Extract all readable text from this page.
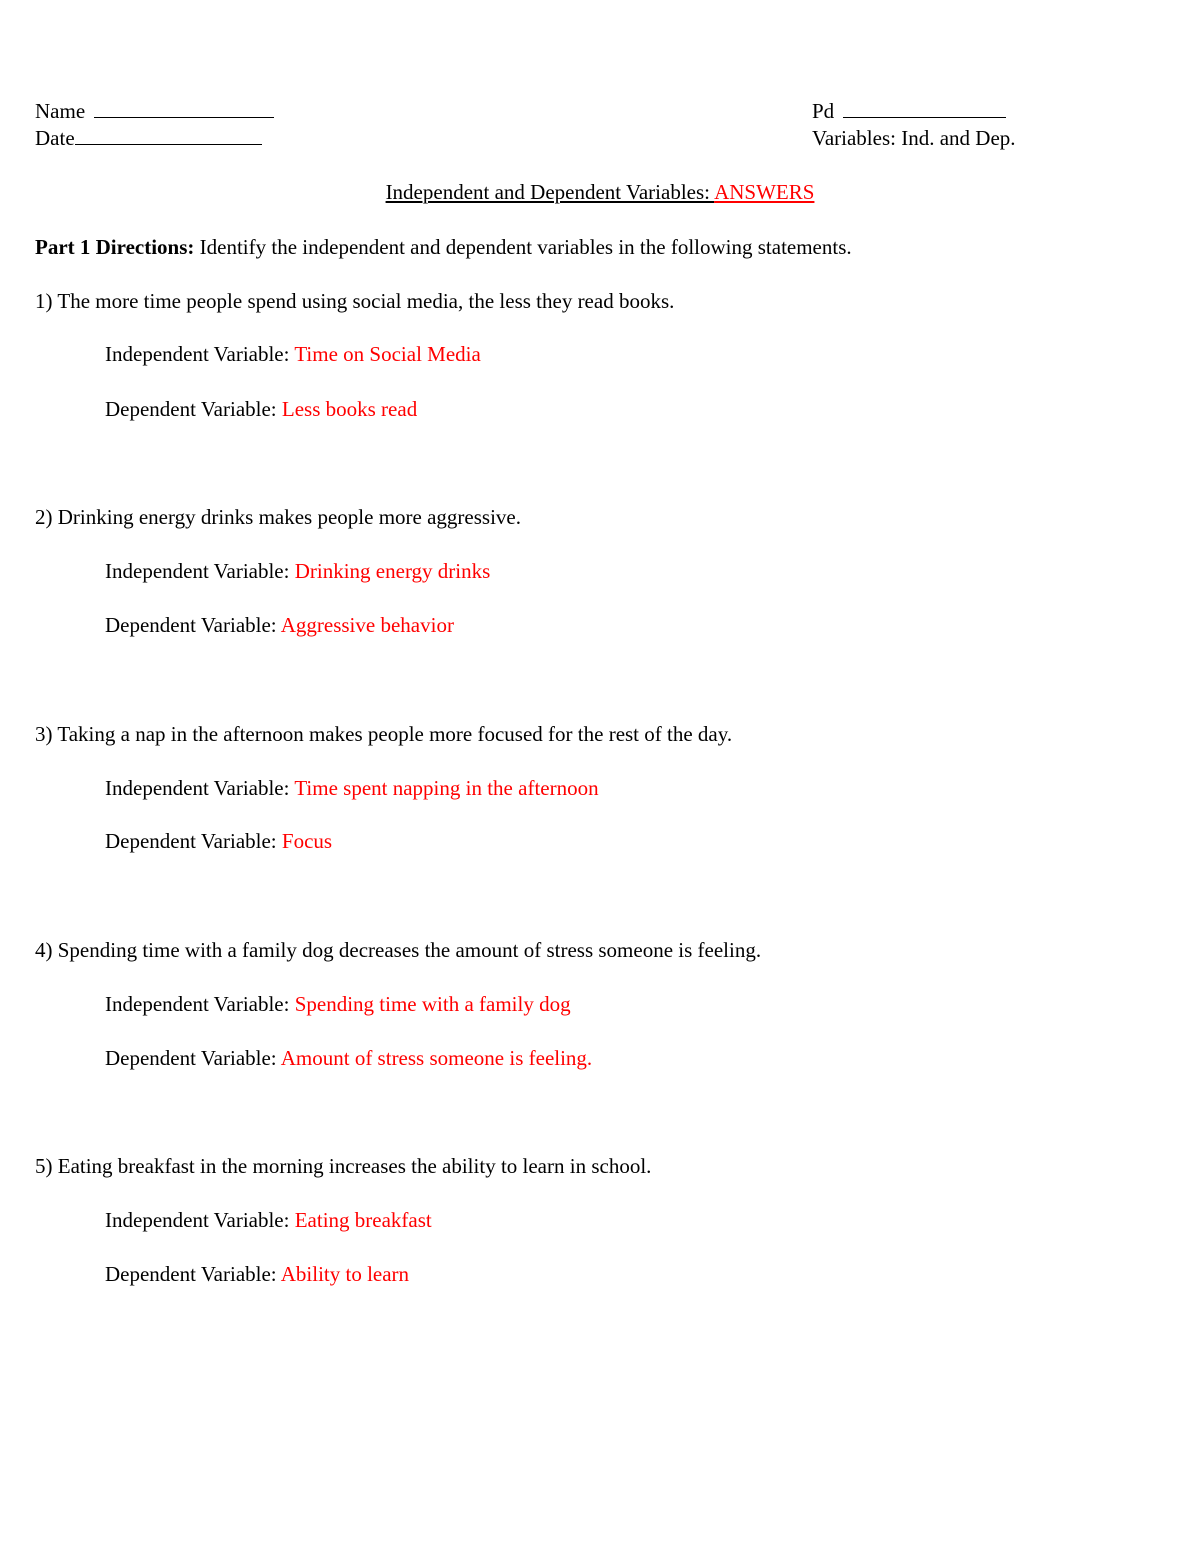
Name
Date
Pd
Variables: Ind. and Dep.
Independent and Dependent Variables: ANSWERS
Part 1 Directions: Identify the independent and dependent variables in the following statements.
1) The more time people spend using social media, the less they read books.
Independent Variable: Time on Social Media
Dependent Variable: Less books read
2) Drinking energy drinks makes people more aggressive.
Independent Variable: Drinking energy drinks
Dependent Variable: Aggressive behavior
3) Taking a nap in the afternoon makes people more focused for the rest of the day.
Independent Variable: Time spent napping in the afternoon
Dependent Variable: Focus
4) Spending time with a family dog decreases the amount of stress someone is feeling.
Independent Variable: Spending time with a family dog
Dependent Variable: Amount of stress someone is feeling.
5) Eating breakfast in the morning increases the ability to learn in school.
Independent Variable: Eating breakfast
Dependent Variable: Ability to learn
